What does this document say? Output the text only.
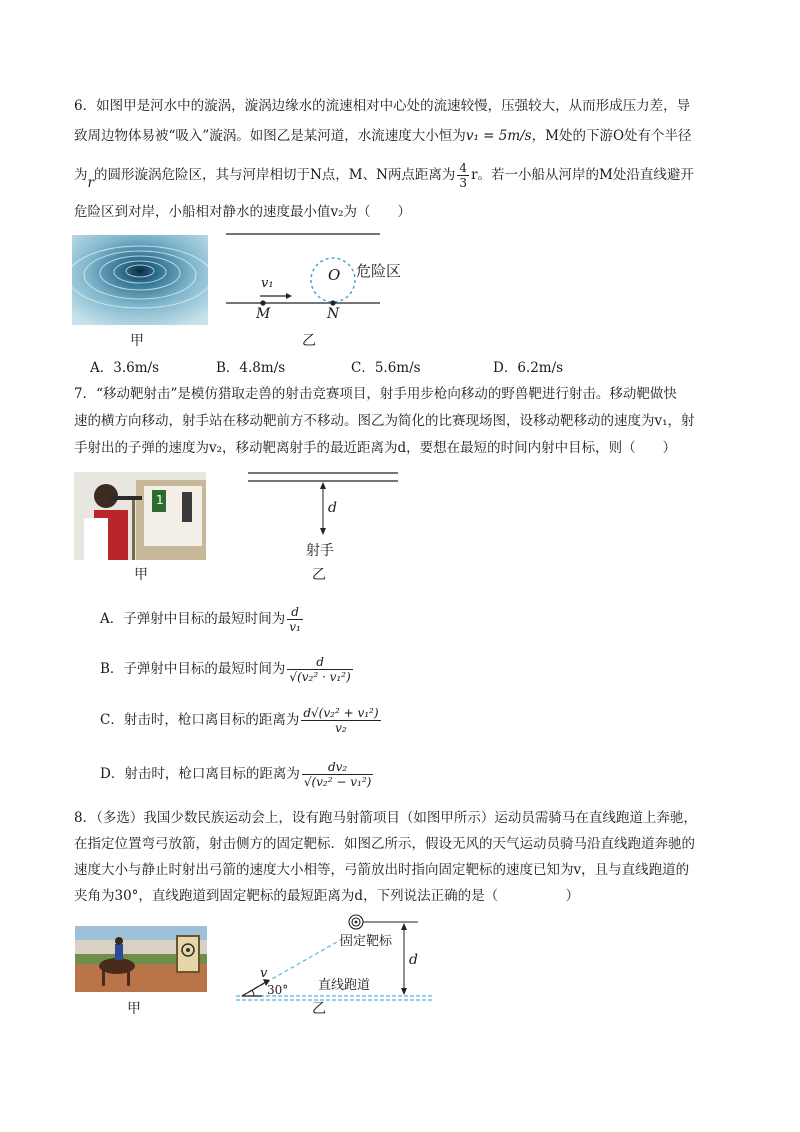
6．如图甲是河水中的漩涡，漩涡边缘水的流速相对中心处的流速较慢，压强较大，从而形成压力差，导
致周边物体易被“吸入”漩涡。如图乙是某河道，水流速度大小恒为v₁ = 5m/s，M处的下游O处有个半径
为r的圆形漩涡危险区，其与河岸相切于N点，M、N两点距离为 $\frac{4}{3}$ r。若一小船从河岸的M处沿直线避开
危险区到对岸，小船相对静水的速度最小值v₂为（　　）
甲
v₁	O 危险区
M	N
乙
A．3.6m/s	B．4.8m/s	C．5.6m/s	D．6.2m/s
7．“移动靶射击”是模仿猎取走兽的射击竞赛项目，射手用步枪向移动的野兽靶进行射击。移动靶做快
速的横方向移动，射手站在移动靶前方不移动。图乙为简化的比赛现场图，设移动靶移动的速度为v₁，射
手射出的子弹的速度为v₂，移动靶离射手的最近距离为d，要想在最短的时间内射中目标，则（　　）
1
甲
d
射手
乙
A．子弹射中目标的最短时间为 $\frac{d}{\text{v₁}}$
B．子弹射中目标的最短时间为 $\frac{d}{\text{√(v₂² · v₁²)}}$
C．射击时，枪口离目标的距离为 $\frac{\text{d√(v₂² + v₁²)}}{\text{v₂}}$
D．射击时，枪口离目标的距离为 $\frac{\text{dv₂}}{\text{√(v₂² − v₁²)}}$
8．（多选）我国少数民族运动会上，设有跑马射箭项目（如图甲所示）运动员需骑马在直线跑道上奔驰，
在指定位置弯弓放箭，射击侧方的固定靶标．如图乙所示，假设无风的天气运动员骑马沿直线跑道奔驰的
速度大小与静止时射出弓箭的速度大小相等，弓箭放出时指向固定靶标的速度已知为v，且与直线跑道的
夹角为30°，直线跑道到固定靶标的最短距离为d，下列说法正确的是（　　　　　）
甲
固定靶标
d
直线跑道
v
30°
乙
